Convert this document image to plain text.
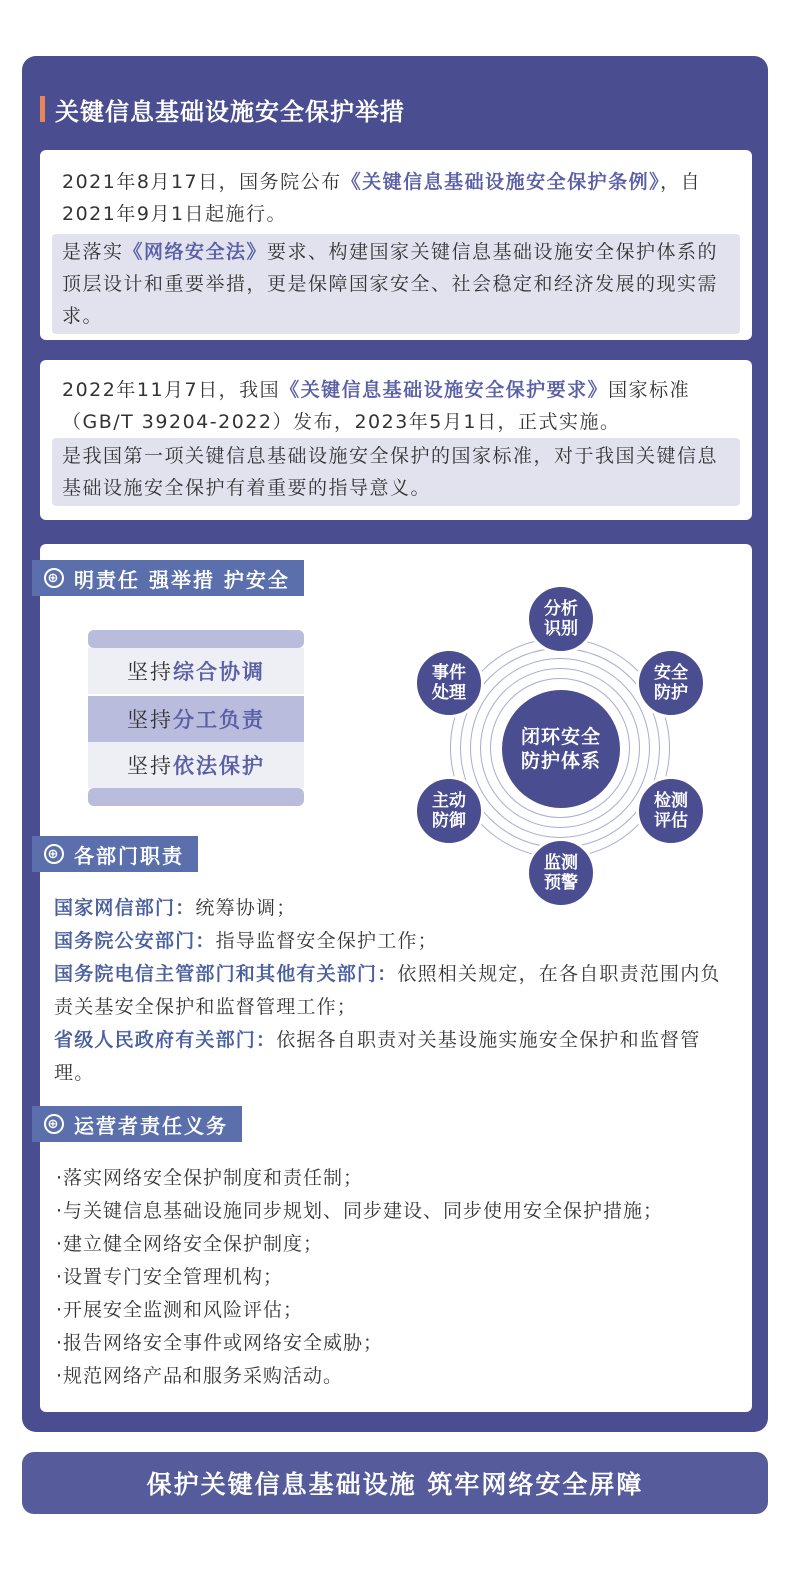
关键信息基础设施安全保护举措
2021年8月17日，国务院公布《关键信息基础设施安全保护条例》，自2021年9月1日起施行。
是落实《网络安全法》要求、构建国家关键信息基础设施安全保护体系的顶层设计和重要举措，更是保障国家安全、社会稳定和经济发展的现实需求。
2022年11月7日，我国《关键信息基础设施安全保护要求》国家标准（GB/T 39204-2022）发布，2023年5月1日，正式实施。
是我国第一项关键信息基础设施安全保护的国家标准，对于我国关键信息基础设施安全保护有着重要的指导意义。
⊕ 明责任 强举措 护安全
坚持 综合协调
坚持 分工负责
坚持 依法保护
闭环安全
防护体系
分析
识别
安全
防护
检测
评估
监测
预警
主动
防御
事件
处理
⊕ 各部门职责
国家网信部门：统筹协调；
国务院公安部门：指导监督安全保护工作；
国务院电信主管部门和其他有关部门：依照相关规定，在各自职责范围内负责关基安全保护和监督管理工作；
省级人民政府有关部门：依据各自职责对关基设施实施安全保护和监督管理。
⊕ 运营者责任义务
·落实网络安全保护制度和责任制；
·与关键信息基础设施同步规划、同步建设、同步使用安全保护措施；
·建立健全网络安全保护制度；
·设置专门安全管理机构；
·开展安全监测和风险评估；
·报告网络安全事件或网络安全威胁；
·规范网络产品和服务采购活动。
保护关键信息基础设施 筑牢网络安全屏障
